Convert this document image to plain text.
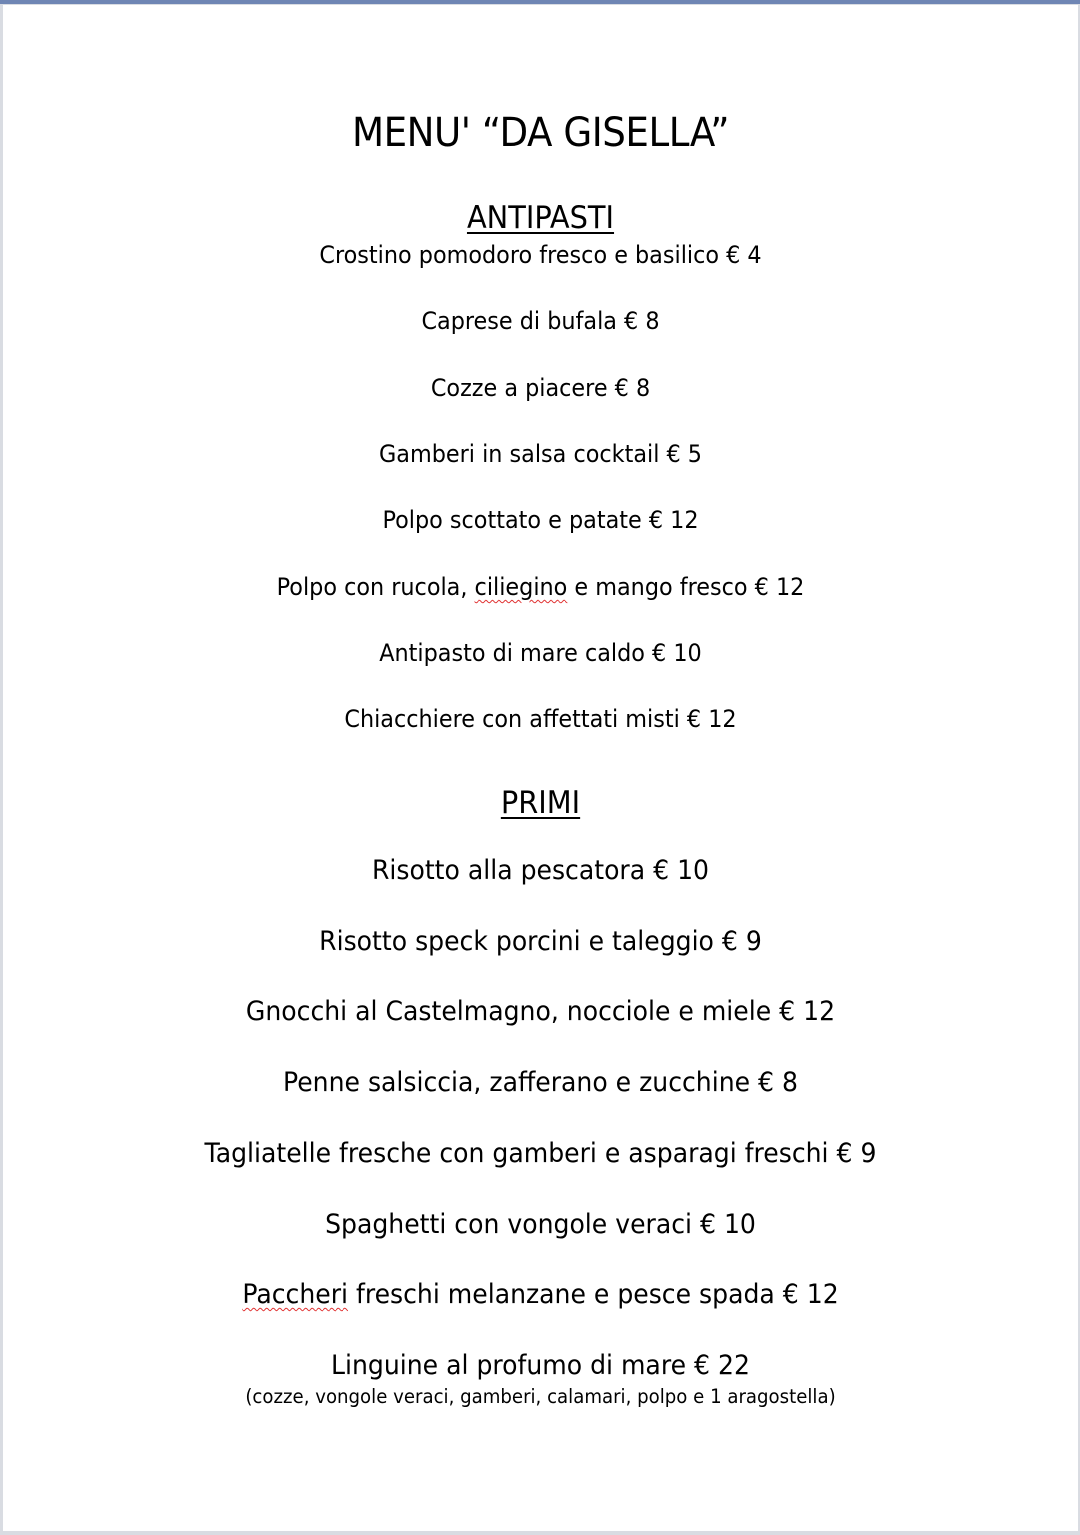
MENU' “DA GISELLA”
ANTIPASTI
Crostino pomodoro fresco e basilico € 4
Caprese di bufala € 8
Cozze a piacere € 8
Gamberi in salsa cocktail € 5
Polpo scottato e patate € 12
Polpo con rucola, ciliegino e mango fresco € 12
Antipasto di mare caldo € 10
Chiacchiere con affettati misti € 12
PRIMI
Risotto alla pescatora € 10
Risotto speck porcini e taleggio € 9
Gnocchi al Castelmagno, nocciole e miele € 12
Penne salsiccia, zafferano e zucchine € 8
Tagliatelle fresche con gamberi e asparagi freschi € 9
Spaghetti con vongole veraci € 10
Paccheri freschi melanzane e pesce spada € 12
Linguine al profumo di mare € 22
(cozze, vongole veraci, gamberi, calamari, polpo e 1 aragostella)
